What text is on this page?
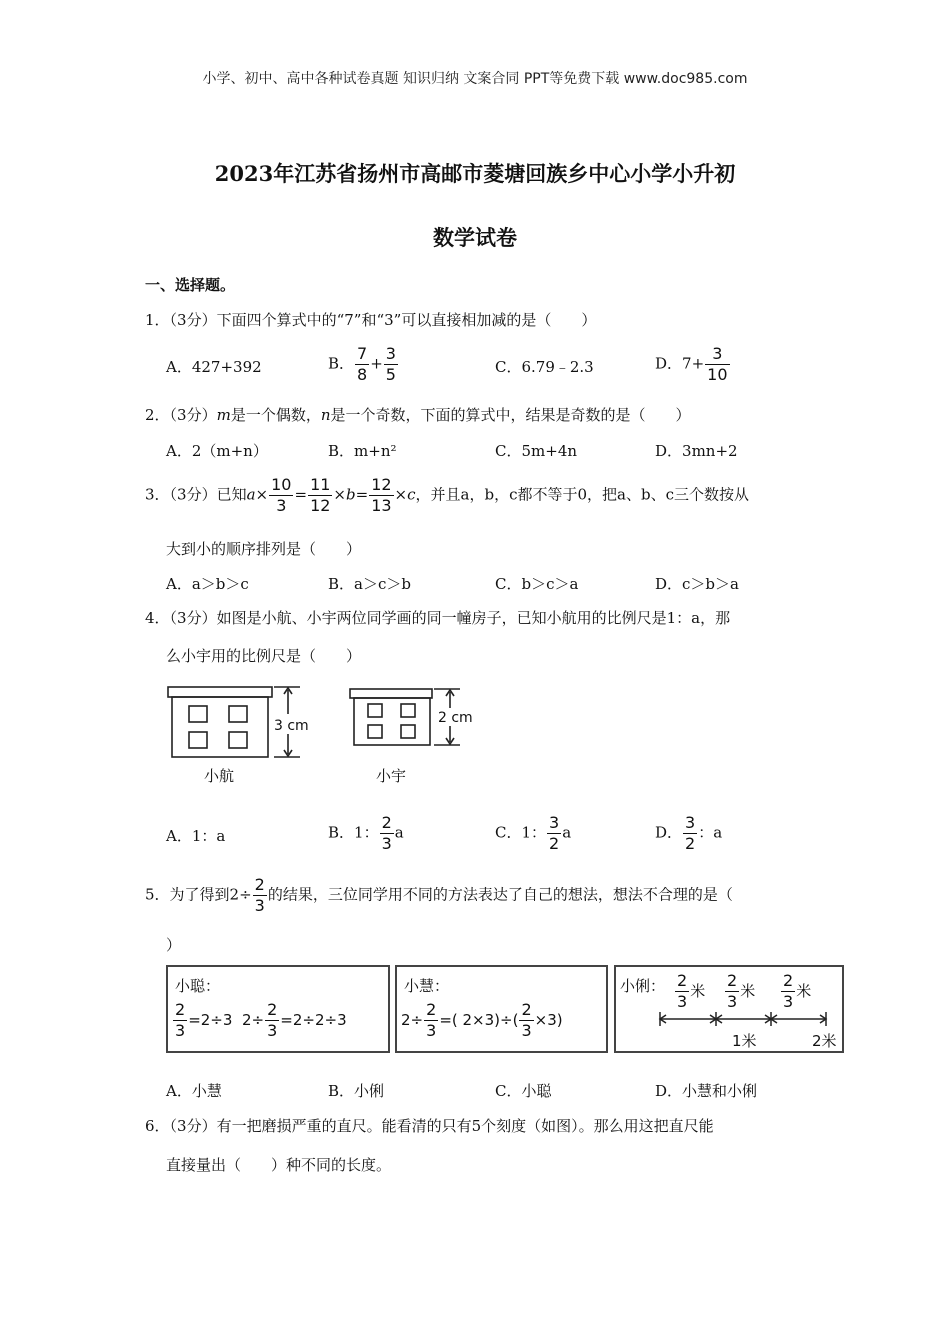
小学、初中、高中各种试卷真题 知识归纳 文案合同 PPT等免费下载 www.doc985.com
2023年江苏省扬州市高邮市菱塘回族乡中心小学小升初
数学试卷
一、选择题。
1．（3分）下面四个算式中的“7”和“3”可以直接相加减的是（　　）
A．427+392	B． $\frac{7}{8} + \frac{3}{5}$	C．6.79﹣2.3	D．$7+ \frac{3}{10}$
2．（3分）m是一个偶数，n是一个奇数，下面的算式中，结果是奇数的是（　　）
A．2（m+n）	B．m+n²	C．5m+4n	D．3mn+2
3．（3分）已知$a\times \frac{10}{3} = \frac{11}{12} \times b= \frac{12}{13} \times c$，并且a，b，c都不等于0，把a、b、c三个数按从
大到小的顺序排列是（　　）
A．a＞b＞c	B．a＞c＞b	C．b＞c＞a	D．c＞b＞a
4．（3分）如图是小航、小宇两位同学画的同一幢房子，已知小航用的比例尺是1：a，那
么小宇用的比例尺是（　　）
3 cm
小航
2 cm
小宇
A．1：a	B．1： $\frac{2}{3}$ a	C．1： $\frac{3}{2}$ a	D． $\frac{3}{2}$ ：a
5．为了得到$2\div \frac{2}{3}$ 的结果，三位同学用不同的方法表达了自己的想法，想法不合理的是（
）
小聪：
$\frac{2}{3} =2\div 3$ $2\div \frac{2}{3} =2\div 2\div 3$
小慧：
$2\div \frac{2}{3}$ =( $2\times 3)\div( \frac{2}{3} \times 3)$
小俐： $\frac{2}{3}$ 米 $\frac{2}{3}$ 米 $\frac{2}{3}$ 米
1米	2米
A．小慧	B．小俐	C．小聪	D．小慧和小俐
6．（3分）有一把磨损严重的直尺。能看清的只有5个刻度（如图）。那么用这把直尺能
直接量出（　　）种不同的长度。
